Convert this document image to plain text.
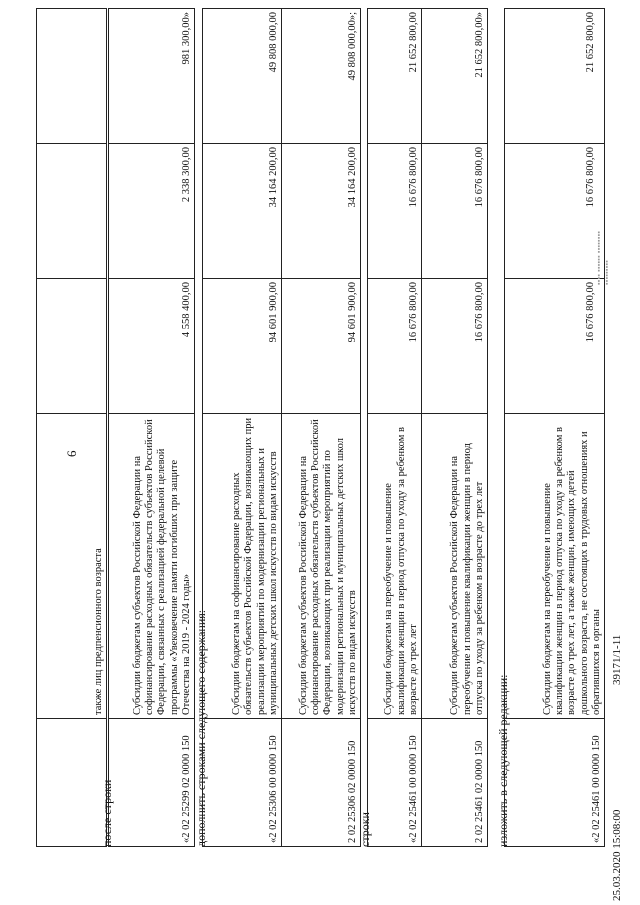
6
	также лиц предпенсионного возраста			
после строки	«2 02 25299 02 0000 150	Субсидии бюджетам субъектов Российской Федерации на софинансирование расходных обязательств субъектов Российской Федерации, связанных с реализацией федеральной целевой программы «Увековечение памяти погибших при защите Отечества на 2019 - 2024 годы»	4 558 400,00	2 338 300,00	981 300,00»
дополнить строками следующего содержания:	«2 02 25306 00 0000 150	Субсидии бюджетам на софинансирование расходных обязательств субъектов Российской Федерации, возникающих при реализации мероприятий по модернизации региональных и муниципальных детских школ искусств по видам искусств	94 601 900,00	34 164 200,00	49 808 000,00
2 02 25306 02 0000 150	Субсидии бюджетам субъектов Российской Федерации на софинансирование расходных обязательств субъектов Российской Федерации, возникающих при реализации мероприятий по модернизации региональных и муниципальных детских школ искусств по видам искусств	94 601 900,00	34 164 200,00	49 808 000,00»;
строки	«2 02 25461 00 0000 150	Субсидии бюджетам на переобучение и повышение квалификации женщин в период отпуска по уходу за ребенком в возрасте до трех лет	16 676 800,00	16 676 800,00	21 652 800,00
2 02 25461 02 0000 150	Субсидии бюджетам субъектов Российской Федерации на переобучение и повышение квалификации женщин в период отпуска по уходу за ребенком в возрасте до трех лет	16 676 800,00	16 676 800,00	21 652 800,00»
изложить в следующей редакции:	«2 02 25461 00 0000 150	Субсидии бюджетам на переобучение и повышение квалификации женщин в период отпуска по уходу за ребенком в возрасте до трех лет, а также женщин, имеющих детей дошкольного возраста, не состоящих в трудовых отношениях и обратившихся в органы	16 676 800,00	16 676 800,00	21 652 800,00
25.03.2020 15:08:00
39171/1-11
▪▪▪▪ ▪▪▪▪▪▪ ▪▪▪▪▪▪▪▪
▪▪▪▪▪▪▪▪▪
